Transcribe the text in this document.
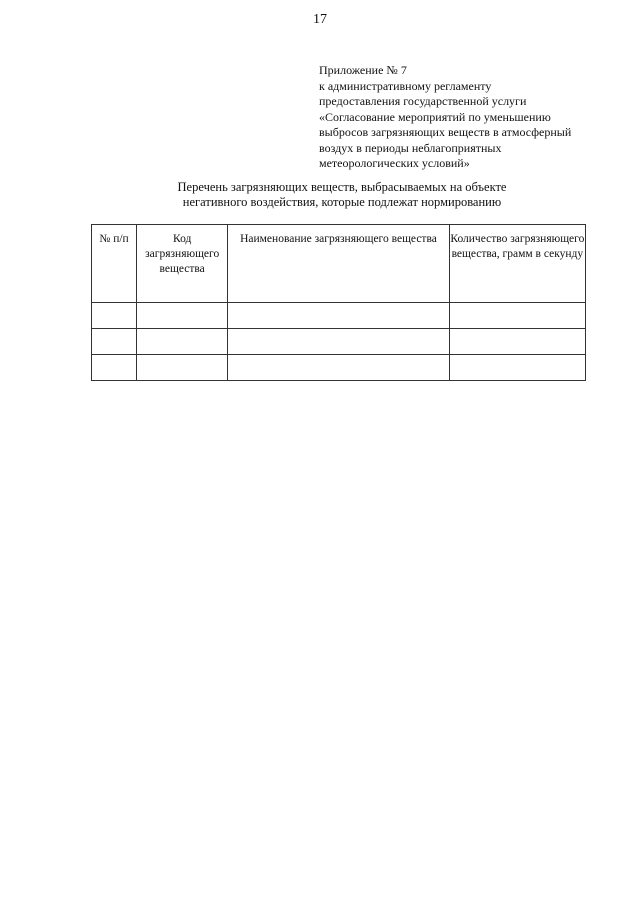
17
Приложение № 7
к административному регламенту
предоставления государственной услуги
«Согласование мероприятий по уменьшению
выбросов загрязняющих веществ в атмосферный
воздух в периоды неблагоприятных
метеорологических условий»
Перечень загрязняющих веществ, выбрасываемых на объекте
негативного воздействия, которые подлежат нормированию
№ п/п	Код загрязняющего вещества	Наименование загрязняющего вещества	Количество загрязняющего вещества, грамм в секунду
